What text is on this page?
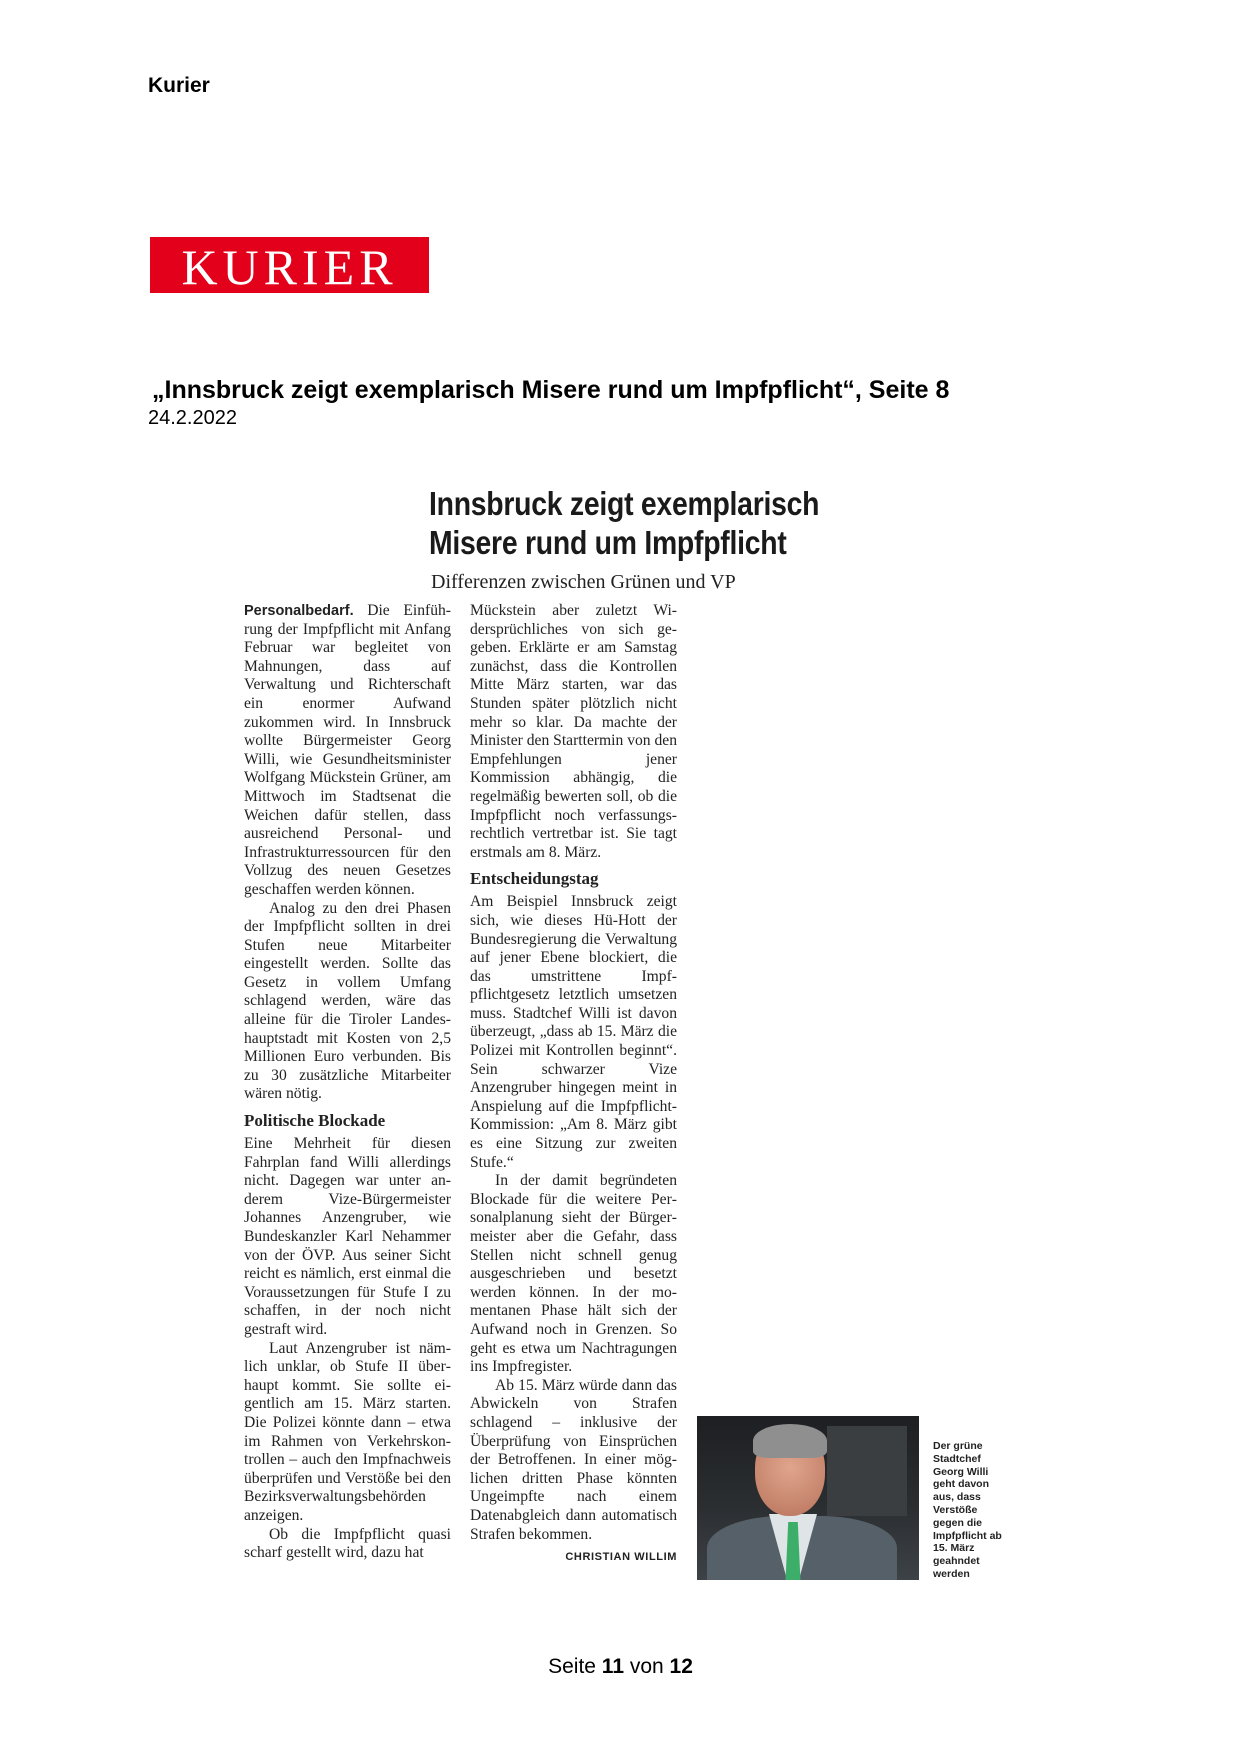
Kurier
KURIER
„Innsbruck zeigt exemplarisch Misere rund um Impfpflicht“, Seite 8
24.2.2022
Innsbruck zeigt exemplarisch
Misere rund um Impfpflicht
Differenzen zwischen Grünen und VP

Personalbedarf. Die Einführung der Impfpflicht mit Anfang Februar war begleitet von Mahnungen, dass auf Verwaltung und Richterschaft ein enormer Aufwand zukommen wird. In Innsbruck wollte Bürgermeister Georg Willi, wie Gesundheitsminister Wolfgang Mückstein Grüner, am Mittwoch im Stadtsenat die Weichen dafür stellen, dass ausreichend Personal- und Infrastrukturressourcen für den Vollzug des neuen Gesetzes geschaffen werden können.

Analog zu den drei Phasen der Impfpflicht sollten in drei Stufen neue Mitarbeiter eingestellt werden. Sollte das Gesetz in vollem Umfang schlagend werden, wäre das alleine für die Tiroler Landeshauptstadt mit Kosten von 2,5 Millionen Euro verbunden. Bis zu 30 zusätzliche Mitarbeiter wären nötig.

Politische Blockade

Eine Mehrheit für diesen Fahrplan fand Willi allerdings nicht. Dagegen war unter anderem Vize-Bürgermeister Johannes Anzengruber, wie Bundeskanzler Karl Nehammer von der ÖVP. Aus seiner Sicht reicht es nämlich, erst einmal die Voraussetzungen für Stufe I zu schaffen, in der noch nicht gestraft wird.

Laut Anzengruber ist nämlich unklar, ob Stufe II überhaupt kommt. Sie sollte eigentlich am 15. März starten. Die Polizei könnte dann – etwa im Rahmen von Verkehrskontrollen – auch den Impfnachweis überprüfen und Verstöße bei den Bezirksverwaltungsbehörden anzeigen.

Ob die Impfpflicht quasi scharf gestellt wird, dazu hat

Mückstein aber zuletzt Widersprüchliches von sich gegeben. Erklärte er am Samstag zunächst, dass die Kontrollen Mitte März starten, war das Stunden später plötzlich nicht mehr so klar. Da machte der Minister den Starttermin von den Empfehlungen jener Kommission abhängig, die regelmäßig bewerten soll, ob die Impfpflicht noch verfassungsrechtlich vertretbar ist. Sie tagt erstmals am 8. März.

Entscheidungstag

Am Beispiel Innsbruck zeigt sich, wie dieses Hü-Hott der Bundesregierung die Verwaltung auf jener Ebene blockiert, die das umstrittene Impfpflichtgesetz letztlich umsetzen muss. Stadtchef Willi ist davon überzeugt, „dass ab 15. März die Polizei mit Kontrollen beginnt“. Sein schwarzer Vize Anzengruber hingegen meint in Anspielung auf die Impfpflicht-Kommission: „Am 8. März gibt es eine Sitzung zur zweiten Stufe.“

In der damit begründeten Blockade für die weitere Personalplanung sieht der Bürgermeister aber die Gefahr, dass Stellen nicht schnell genug ausgeschrieben und besetzt werden können. In der momentanen Phase hält sich der Aufwand noch in Grenzen. So geht es etwa um Nachtragungen ins Impfregister.

Ab 15. März würde dann das Abwickeln von Strafen schlagend – inklusive der Überprüfung von Einsprüchen der Betroffenen. In einer möglichen dritten Phase könnten Ungeimpfte nach einem Datenabgleich dann automatisch Strafen bekommen.

CHRISTIAN WILLIM
Der grüne Stadtchef Georg Willi geht davon aus, dass Verstöße gegen die Impfpflicht ab 15. März geahndet werden
Seite 11 von 12
